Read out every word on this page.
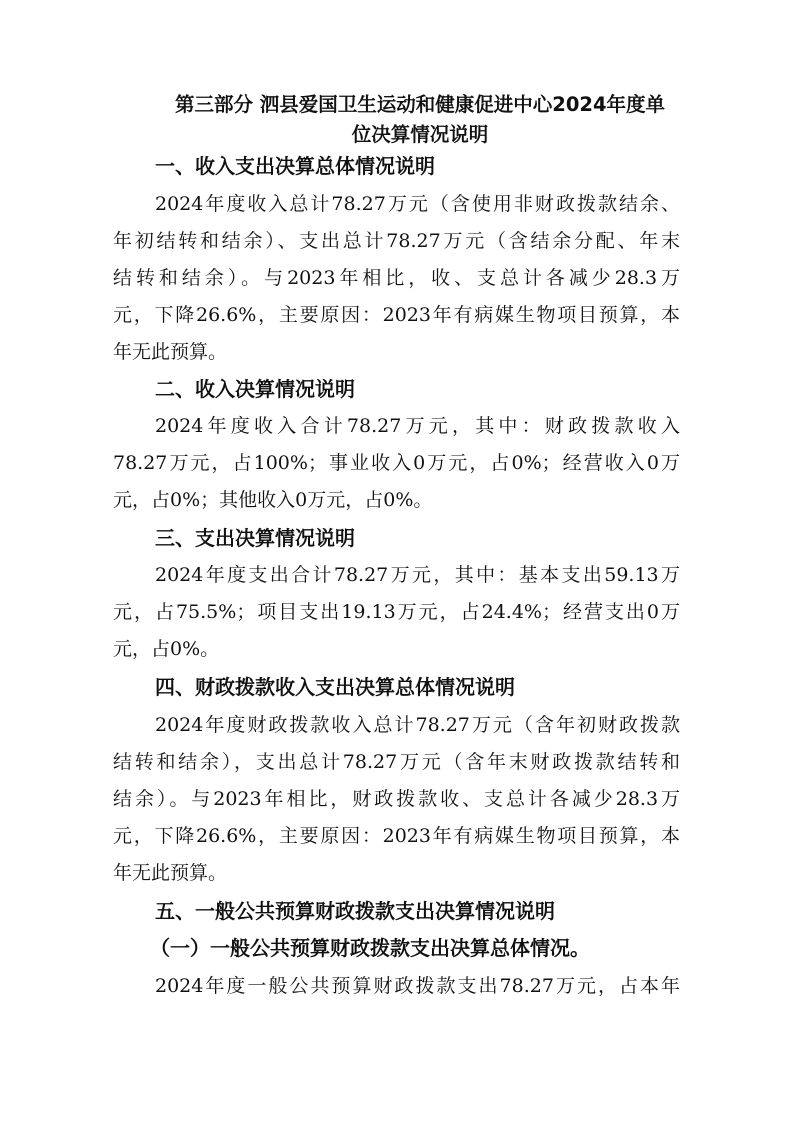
第三部分 泗县爱国卫生运动和健康促进中心2024年度单
位决算情况说明
一、收入支出决算总体情况说明
2024年度收入总计78.27万元（含使用非财政拨款结余、
年初结转和结余）、支出总计78.27万元（含结余分配、年末
结转和结余）。与2023年相比，收、支总计各减少28.3万
元，下降26.6%，主要原因：2023年有病媒生物项目预算，本
年无此预算。
二、收入决算情况说明
2024年度收入合计78.27万元，其中：财政拨款收入
78.27万元，占100%；事业收入0万元，占0%；经营收入0万
元，占0%；其他收入0万元，占0%。
三、支出决算情况说明
2024年度支出合计78.27万元，其中：基本支出59.13万
元，占75.5%；项目支出19.13万元，占24.4%；经营支出0万
元，占0%。
四、财政拨款收入支出决算总体情况说明
2024年度财政拨款收入总计78.27万元（含年初财政拨款
结转和结余），支出总计78.27万元（含年末财政拨款结转和
结余）。与2023年相比，财政拨款收、支总计各减少28.3万
元，下降26.6%，主要原因：2023年有病媒生物项目预算，本
年无此预算。
五、一般公共预算财政拨款支出决算情况说明
（一）一般公共预算财政拨款支出决算总体情况。
2024年度一般公共预算财政拨款支出78.27万元，占本年
